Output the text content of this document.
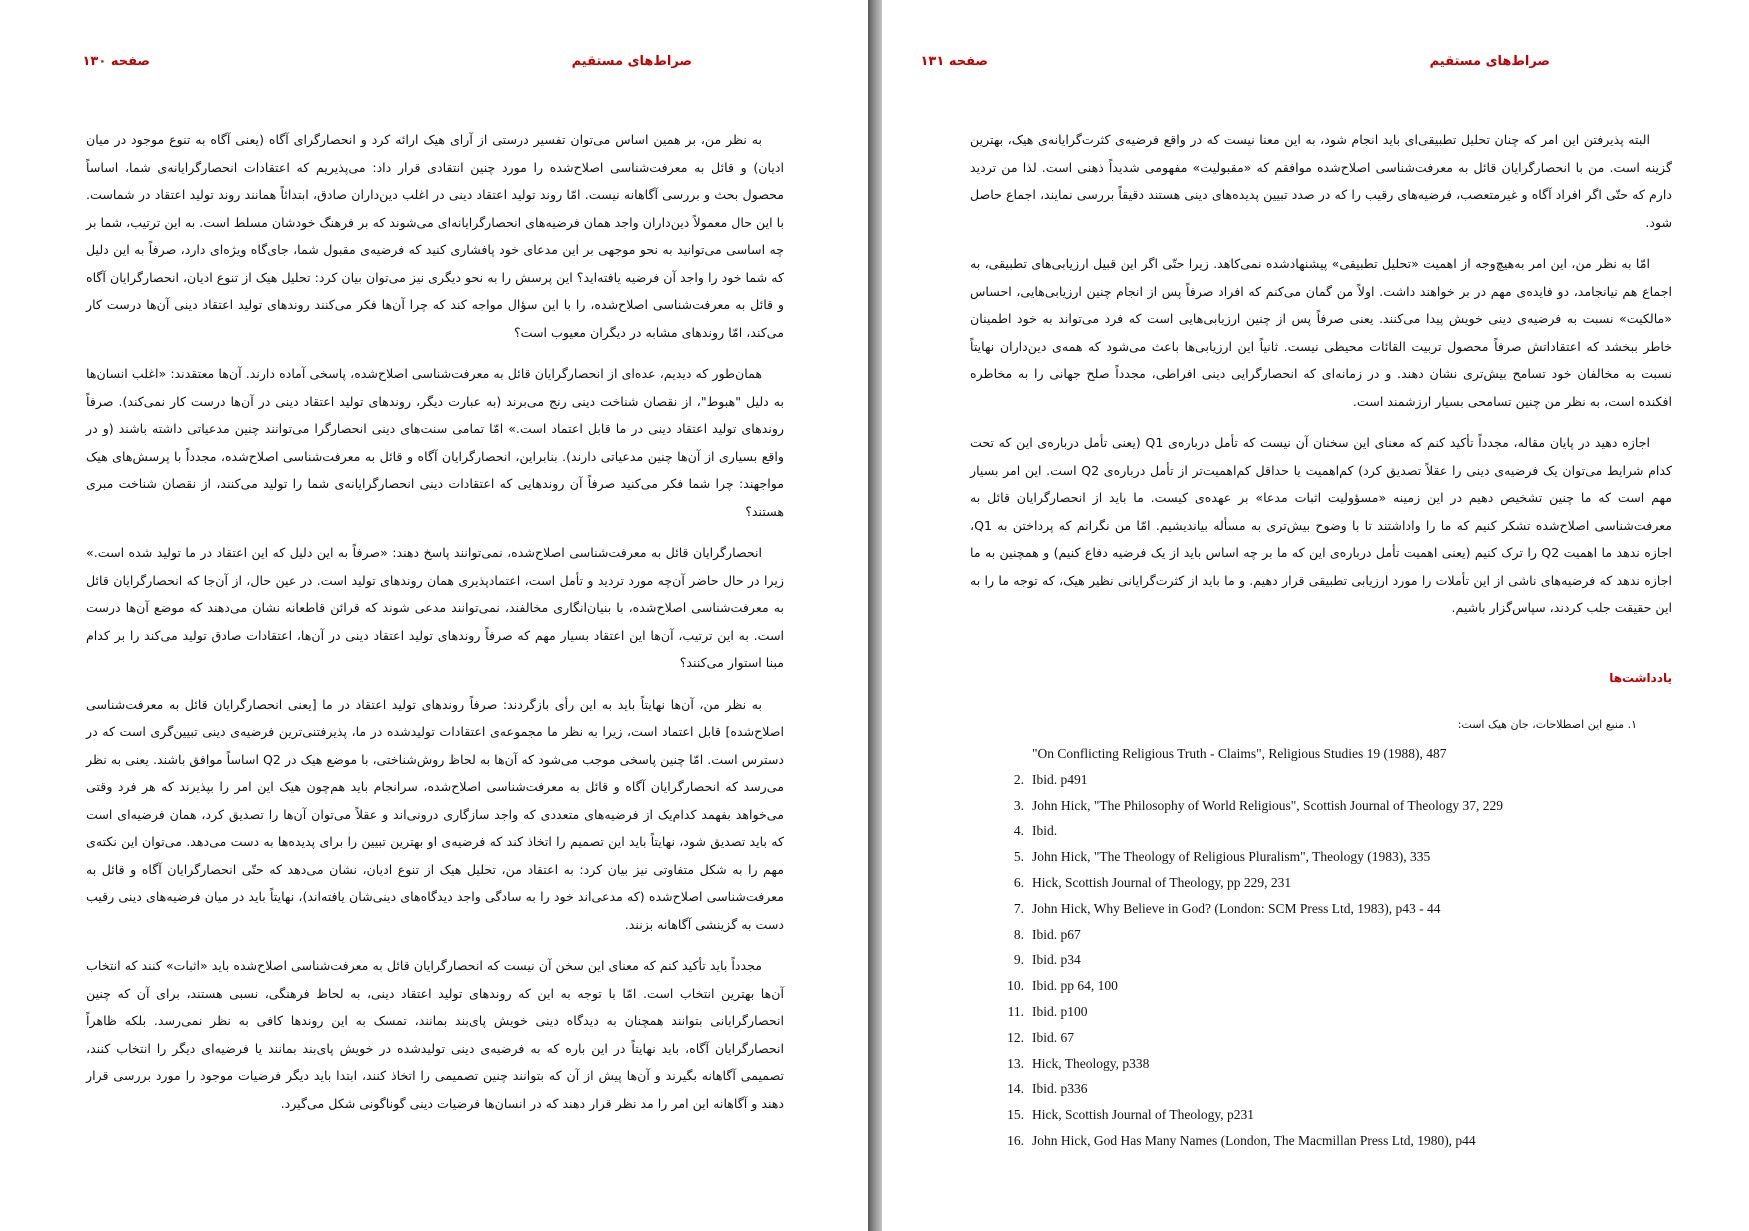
صراط‌های مستقیم
صفحه ۱۳۰

به نظر من، بر همین اساس می‌توان تفسیر درستی از آرای هیک ارائه کرد و انحصارگرای آگاه (یعنی آگاه به تنوع موجود در میان ادیان) و قائل به معرفت‌شناسی اصلاح‌شده را مورد چنین انتقادی قرار داد: می‌پذیریم که اعتقادات انحصارگرایانه‌ی شما، اساساً محصول بحث و بررسی آگاهانه نیست. امّا روند تولید اعتقاد دینی در اغلب دین‌داران صادق، ابتدائاً همانند روند تولید اعتقاد در شماست. با این حال معمولاً دین‌داران واجد همان فرضیه‌های انحصارگرایانه‌ای می‌شوند که بر فرهنگ خودشان مسلط است. به این ترتیب، شما بر چه اساسی می‌توانید به نحو موجهی بر این مدعای خود پافشاری کنید که فرضیه‌ی مقبول شما، جای‌گاه ویژه‌ای دارد، صرفاً به این دلیل که شما خود را واجد آن فرضیه یافته‌اید؟ این پرسش را به نحو دیگری نیز می‌توان بیان کرد: تحلیل هیک از تنوع ادیان، انحصارگرایان آگاه و قائل به معرفت‌شناسی اصلاح‌شده، را با این سؤال مواجه کند که چرا آن‌ها فکر می‌کنند روندهای تولید اعتقاد دینی آن‌ها درست کار می‌کند، امّا روندهای مشابه در دیگران معیوب است؟

همان‌طور که دیدیم، عده‌ای از انحصارگرایان قائل به معرفت‌شناسی اصلاح‌شده، پاسخی آماده دارند. آن‌ها معتقدند: «اغلب انسان‌ها به دلیل "هبوط"، از نقصان شناخت دینی رنج می‌برند (به عبارت دیگر، روندهای تولید اعتقاد دینی در آن‌ها درست کار نمی‌کند). صرفاً روندهای تولید اعتقاد دینی در ما قابل اعتماد است.» امّا تمامی سنت‌های دینی انحصارگرا می‌توانند چنین مدعیاتی داشته باشند (و در واقع بسیاری از آن‌ها چنین مدعیاتی دارند). بنابراین، انحصارگرایان آگاه و قائل به معرفت‌شناسی اصلاح‌شده، مجدداً با پرسش‌های هیک مواجهند: چرا شما فکر می‌کنید صرفاً آن روندهایی که اعتقادات دینی انحصارگرایانه‌ی شما را تولید می‌کنند، از نقصان شناخت مبری هستند؟

انحصارگرایان قائل به معرفت‌شناسی اصلاح‌شده، نمی‌توانند پاسخ دهند: «صرفاً به این دلیل که این اعتقاد در ما تولید شده است.» زیرا در حال حاضر آن‌چه مورد تردید و تأمل است، اعتمادپذیری همان روندهای تولید است. در عین حال، از آن‌جا که انحصارگرایان قائل به معرفت‌شناسی اصلاح‌شده، با بنیان‌انگاری مخالفند، نمی‌توانند مدعی شوند که قرائن قاطعانه نشان می‌دهند که موضع آن‌ها درست است. به این ترتیب، آن‌ها این اعتقاد بسیار مهم که صرفاً روندهای تولید اعتقاد دینی در آن‌ها، اعتقادات صادق تولید می‌کند را بر کدام مبنا استوار می‌کنند؟

به نظر من، آن‌ها نهایتاً باید به این رأی بازگردند: صرفاً روندهای تولید اعتقاد در ما [یعنی انحصارگرایان قائل به معرفت‌شناسی اصلاح‌شده] قابل اعتماد است، زیرا به نظر ما مجموعه‌ی اعتقادات تولیدشده در ما، پذیرفتنی‌ترین فرضیه‌ی دینی تبیین‌گری است که در دسترس است. امّا چنین پاسخی موجب می‌شود که آن‌ها به لحاظ روش‌شناختی، با موضع هیک در Q2 اساساً موافق باشند. یعنی به نظر می‌رسد که انحصارگرایان آگاه و قائل به معرفت‌شناسی اصلاح‌شده، سرانجام باید هم‌چون هیک این امر را بپذیرند که هر فرد وقتی می‌خواهد بفهمد کدام‌یک از فرضیه‌های متعددی که واجد سازگاری درونی‌اند و عقلاً می‌توان آن‌ها را تصدیق کرد، همان فرضیه‌ای است که باید تصدیق شود، نهایتاً باید این تصمیم را اتخاذ کند که فرضیه‌ی او بهترین تبیین را برای پدیده‌ها به دست می‌دهد. می‌توان این نکته‌ی مهم را به شکل متفاوتی نیز بیان کرد: به اعتقاد من، تحلیل هیک از تنوع ادیان، نشان می‌دهد که حتّی انحصارگرایان آگاه و قائل به معرفت‌شناسی اصلاح‌شده (که مدعی‌اند خود را به سادگی واجد دیدگاه‌های دینی‌شان یافته‌اند)، نهایتاً باید در میان فرضیه‌های دینی رقیب دست به گزینشی آگاهانه بزنند.

مجدداً باید تأکید کنم که معنای این سخن آن نیست که انحصارگرایان قائل به معرفت‌شناسی اصلاح‌شده باید «اثبات» کنند که انتخاب آن‌ها بهترین انتخاب است. امّا با توجه به این که روندهای تولید اعتقاد دینی، به لحاظ فرهنگی، نسبی هستند، برای آن که چنین انحصارگرایانی بتوانند همچنان به دیدگاه دینی خویش پای‌بند بمانند، تمسک به این روندها کافی به نظر نمی‌رسد. بلکه ظاهراً انحصارگرایان آگاه، باید نهایتاً در این باره که به فرضیه‌ی دینی تولیدشده در خویش پای‌بند بمانند یا فرضیه‌ای دیگر را انتخاب کنند، تصمیمی آگاهانه بگیرند و آن‌ها پیش از آن که بتوانند چنین تصمیمی را اتخاذ کنند، ابتدا باید دیگر فرضیات موجود را مورد بررسی قرار دهند و آگاهانه این امر را مد نظر قرار دهند که در انسان‌ها فرضیات دینی گوناگونی شکل می‌گیرد.

صراط‌های مستقیم
صفحه ۱۳۱

البته پذیرفتن این امر که چنان تحلیل تطبیقی‌ای باید انجام شود، به این معنا نیست که در واقع فرضیه‌ی کثرت‌گرایانه‌ی هیک، بهترین گزینه است. من با انحصارگرایان قائل به معرفت‌شناسی اصلاح‌شده موافقم که «مقبولیت» مفهومی شدیداً ذهنی است. لذا من تردید دارم که حتّی اگر افراد آگاه و غیرمتعصب، فرضیه‌های رقیب را که در صدد تبیین پدیده‌های دینی هستند دقیقاً بررسی نمایند، اجماع حاصل شود.

امّا به نظر من، این امر به‌هیچ‌وجه از اهمیت «تحلیل تطبیقی» پیشنهادشده نمی‌کاهد. زیرا حتّی اگر این قبیل ارزیابی‌های تطبیقی، به اجماع هم نیانجامد، دو فایده‌ی مهم در بر خواهند داشت. اولاً من گمان می‌کنم که افراد صرفاً پس از انجام چنین ارزیابی‌هایی، احساس «مالکیت» نسبت به فرضیه‌ی دینی خویش پیدا می‌کنند. یعنی صرفاً پس از چنین ارزیابی‌هایی است که فرد می‌تواند به خود اطمینان خاطر ببخشد که اعتقاداتش صرفاً محصول تربیت القائات محیطی نیست. ثانیاً این ارزیابی‌ها باعث می‌شود که همه‌ی دین‌داران نهایتاً نسبت به مخالفان خود تسامح بیش‌تری نشان دهند. و در زمانه‌ای که انحصارگرایی دینی افراطی، مجدداً صلح جهانی را به مخاطره افکنده است، به نظر من چنین تسامحی بسیار ارزشمند است.

اجازه دهید در پایان مقاله، مجدداً تأکید کنم که معنای این سخنان آن نیست که تأمل درباره‌ی Q1 (یعنی تأمل درباره‌ی این که تحت کدام شرایط می‌توان یک فرضیه‌ی دینی را عقلاً تصدیق کرد) کم‌اهمیت یا حداقل کم‌اهمیت‌تر از تأمل درباره‌ی Q2 است. این امر بسیار مهم است که ما چنین تشخیص دهیم در این زمینه «مسؤولیت اثبات مدعا» بر عهده‌ی کیست. ما باید از انحصارگرایان قائل به معرفت‌شناسی اصلاح‌شده تشکر کنیم که ما را واداشتند تا با وضوح بیش‌تری به مسأله بیاندیشیم. امّا من نگرانم که پرداختن به Q1، اجازه ندهد ما اهمیت Q2 را ترک کنیم (یعنی اهمیت تأمل درباره‌ی این که ما بر چه اساس باید از یک فرضیه دفاع کنیم) و همچنین به ما اجازه ندهد که فرضیه‌های ناشی از این تأملات را مورد ارزیابی تطبیقی قرار دهیم. و ما باید از کثرت‌گرایانی نظیر هیک، که توجه ما را به این حقیقت جلب کردند، سپاس‌گزار باشیم.

یادداشت‌ها
۱. منبع این اصطلاحات، جان هیک است:
"On Conflicting Religious Truth - Claims", Religious Studies 19 (1988), 487
2. Ibid. p491
3. John Hick, "The Philosophy of World Religious", Scottish Journal of Theology 37, 229
4. Ibid.
5. John Hick, "The Theology of Religious Pluralism", Theology (1983), 335
6. Hick, Scottish Journal of Theology, pp 229, 231
7. John Hick, Why Believe in God? (London: SCM Press Ltd, 1983), p43 - 44
8. Ibid. p67
9. Ibid. p34
10. Ibid. pp 64, 100
11. Ibid. p100
12. Ibid. 67
13. Hick, Theology, p338
14. Ibid. p336
15. Hick, Scottish Journal of Theology, p231
16. John Hick, God Has Many Names (London, The Macmillan Press Ltd, 1980), p44
